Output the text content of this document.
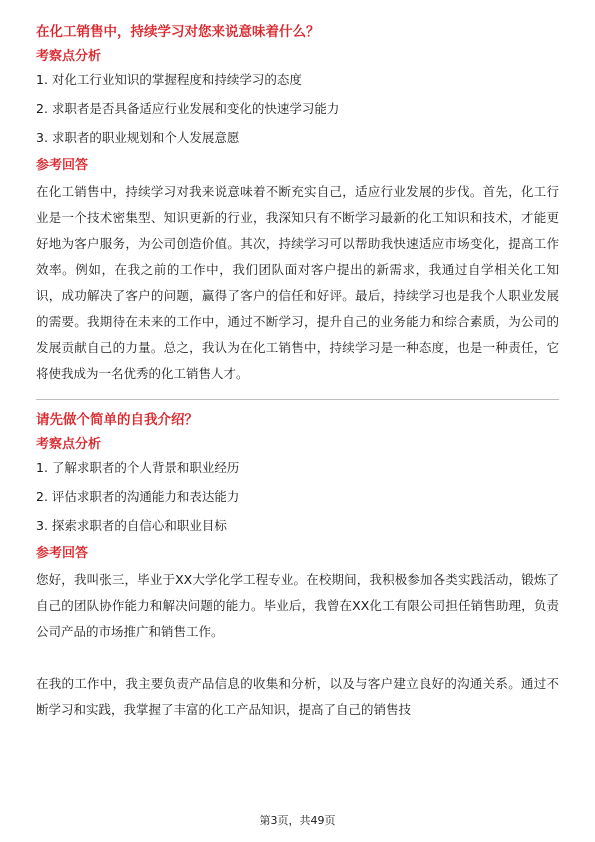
在化工销售中，持续学习对您来说意味着什么？
考察点分析
1. 对化工行业知识的掌握程度和持续学习的态度
2. 求职者是否具备适应行业发展和变化的快速学习能力
3. 求职者的职业规划和个人发展意愿
参考回答

在化工销售中，持续学习对我来说意味着不断充实自己，适应行业发展的步伐。首先，化工行业是一个技术密集型、知识更新的行业，我深知只有不断学习最新的化工知识和技术，才能更好地为客户服务，为公司创造价值。其次，持续学习可以帮助我快速适应市场变化，提高工作效率。例如，在我之前的工作中，我们团队面对客户提出的新需求，我通过自学相关化工知识，成功解决了客户的问题，赢得了客户的信任和好评。最后，持续学习也是我个人职业发展的需要。我期待在未来的工作中，通过不断学习，提升自己的业务能力和综合素质，为公司的发展贡献自己的力量。总之，我认为在化工销售中，持续学习是一种态度，也是一种责任，它将使我成为一名优秀的化工销售人才。

请先做个简单的自我介绍？
考察点分析
1. 了解求职者的个人背景和职业经历
2. 评估求职者的沟通能力和表达能力
3. 探索求职者的自信心和职业目标
参考回答

您好，我叫张三，毕业于XX大学化学工程专业。在校期间，我积极参加各类实践活动，锻炼了自己的团队协作能力和解决问题的能力。毕业后，我曾在XX化工有限公司担任销售助理，负责公司产品的市场推广和销售工作。

在我的工作中，我主要负责产品信息的收集和分析，以及与客户建立良好的沟通关系。通过不断学习和实践，我掌握了丰富的化工产品知识，提高了自己的销售技

第3页，共49页
